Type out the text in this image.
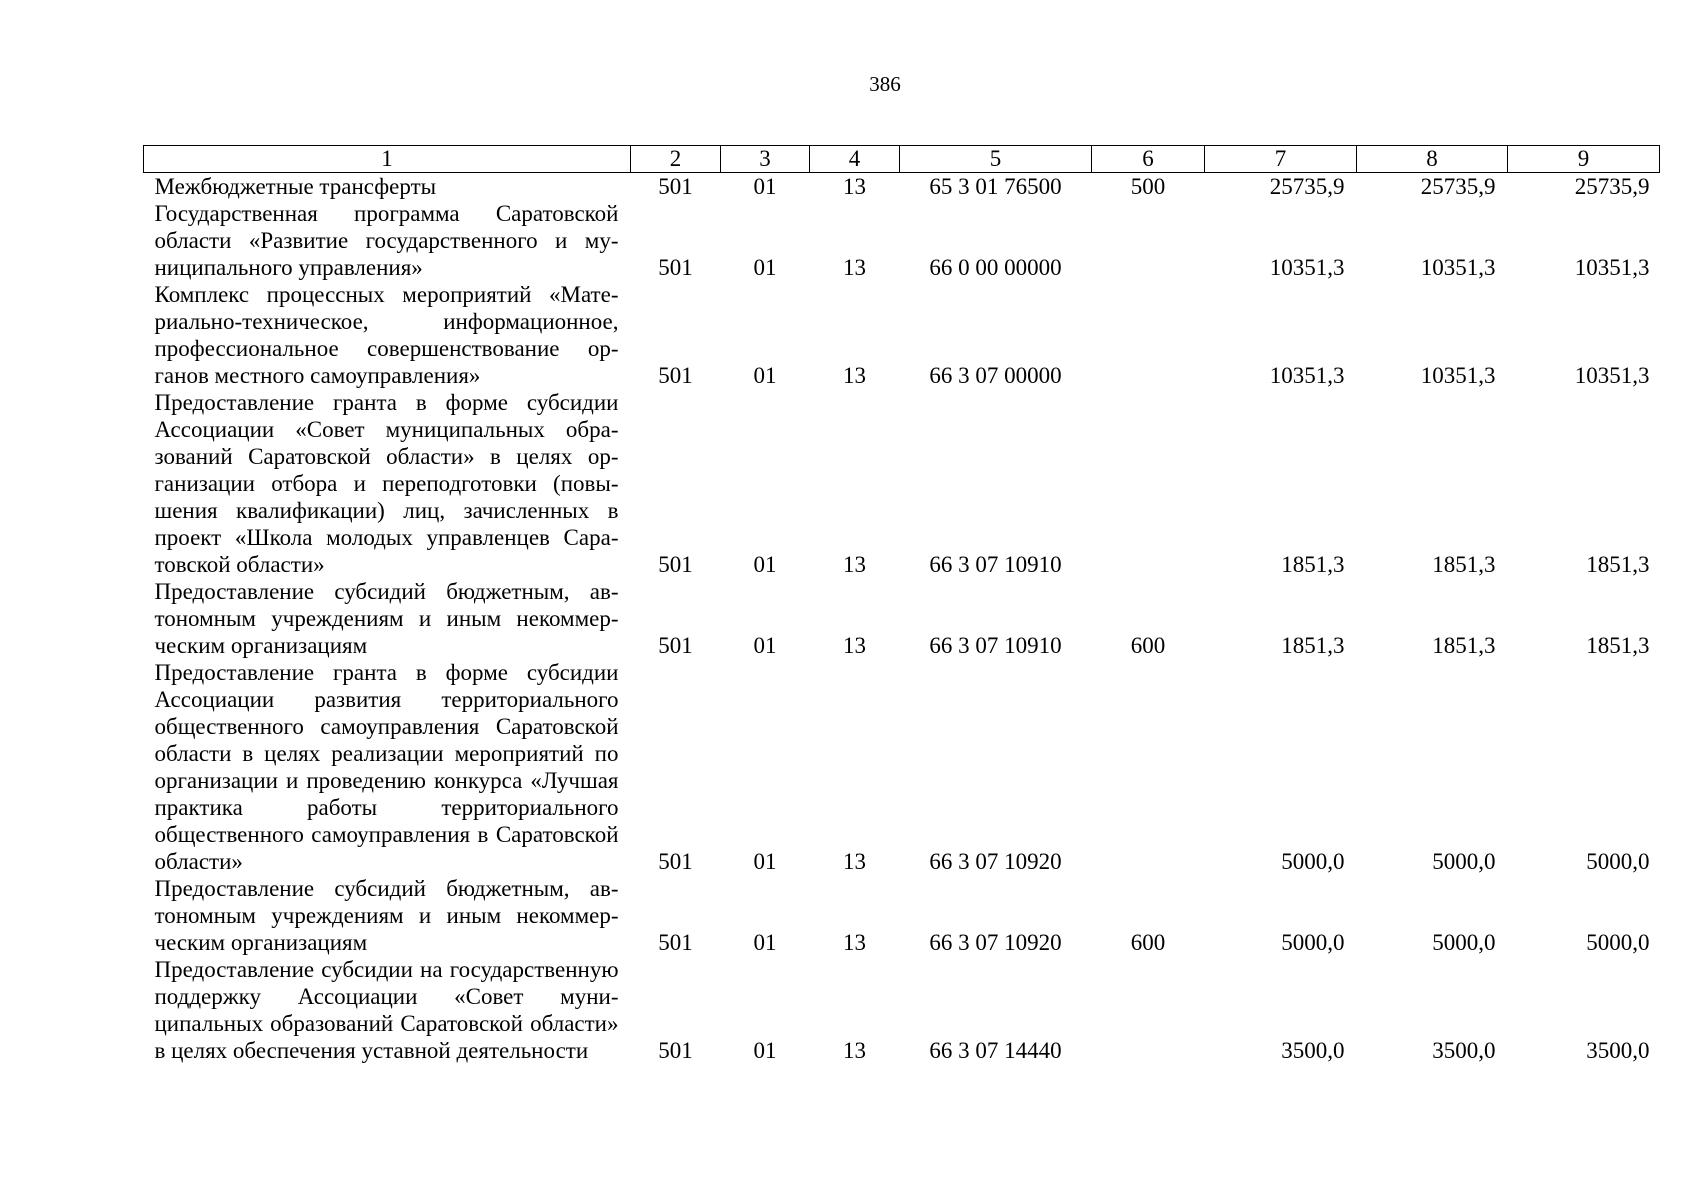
386
1	2	3	4	5	6	7	8	9
Межбюджетные трансферты	501	01	13	65 3 01 76500	500	25735,9	25735,9	25735,9
Государственная программа Саратовской области «Развитие государственного и муниципального управления»	501	01	13	66 0 00 00000		10351,3	10351,3	10351,3
Комплекс процессных мероприятий «Материально-техническое, информационное, профессиональное совершенствование органов местного самоуправления»	501	01	13	66 3 07 00000		10351,3	10351,3	10351,3
Предоставление гранта в форме субсидии Ассоциации «Совет муниципальных образований Саратовской области» в целях организации отбора и переподготовки (повышения квалификации) лиц, зачисленных в проект «Школа молодых управленцев Саратовской области»	501	01	13	66 3 07 10910		1851,3	1851,3	1851,3
Предоставление субсидий бюджетным, автономным учреждениям и иным некоммерческим организациям	501	01	13	66 3 07 10910	600	1851,3	1851,3	1851,3
Предоставление гранта в форме субсидии Ассоциации развития территориального общественного самоуправления Саратовской области в целях реализации мероприятий по организации и проведению конкурса «Лучшая практика работы территориального общественного самоуправления в Саратовской области»	501	01	13	66 3 07 10920		5000,0	5000,0	5000,0
Предоставление субсидий бюджетным, автономным учреждениям и иным некоммерческим организациям	501	01	13	66 3 07 10920	600	5000,0	5000,0	5000,0
Предоставление субсидии на государственную поддержку Ассоциации «Совет муниципальных образований Саратовской области» в целях обеспечения уставной деятельности	501	01	13	66 3 07 14440		3500,0	3500,0	3500,0
